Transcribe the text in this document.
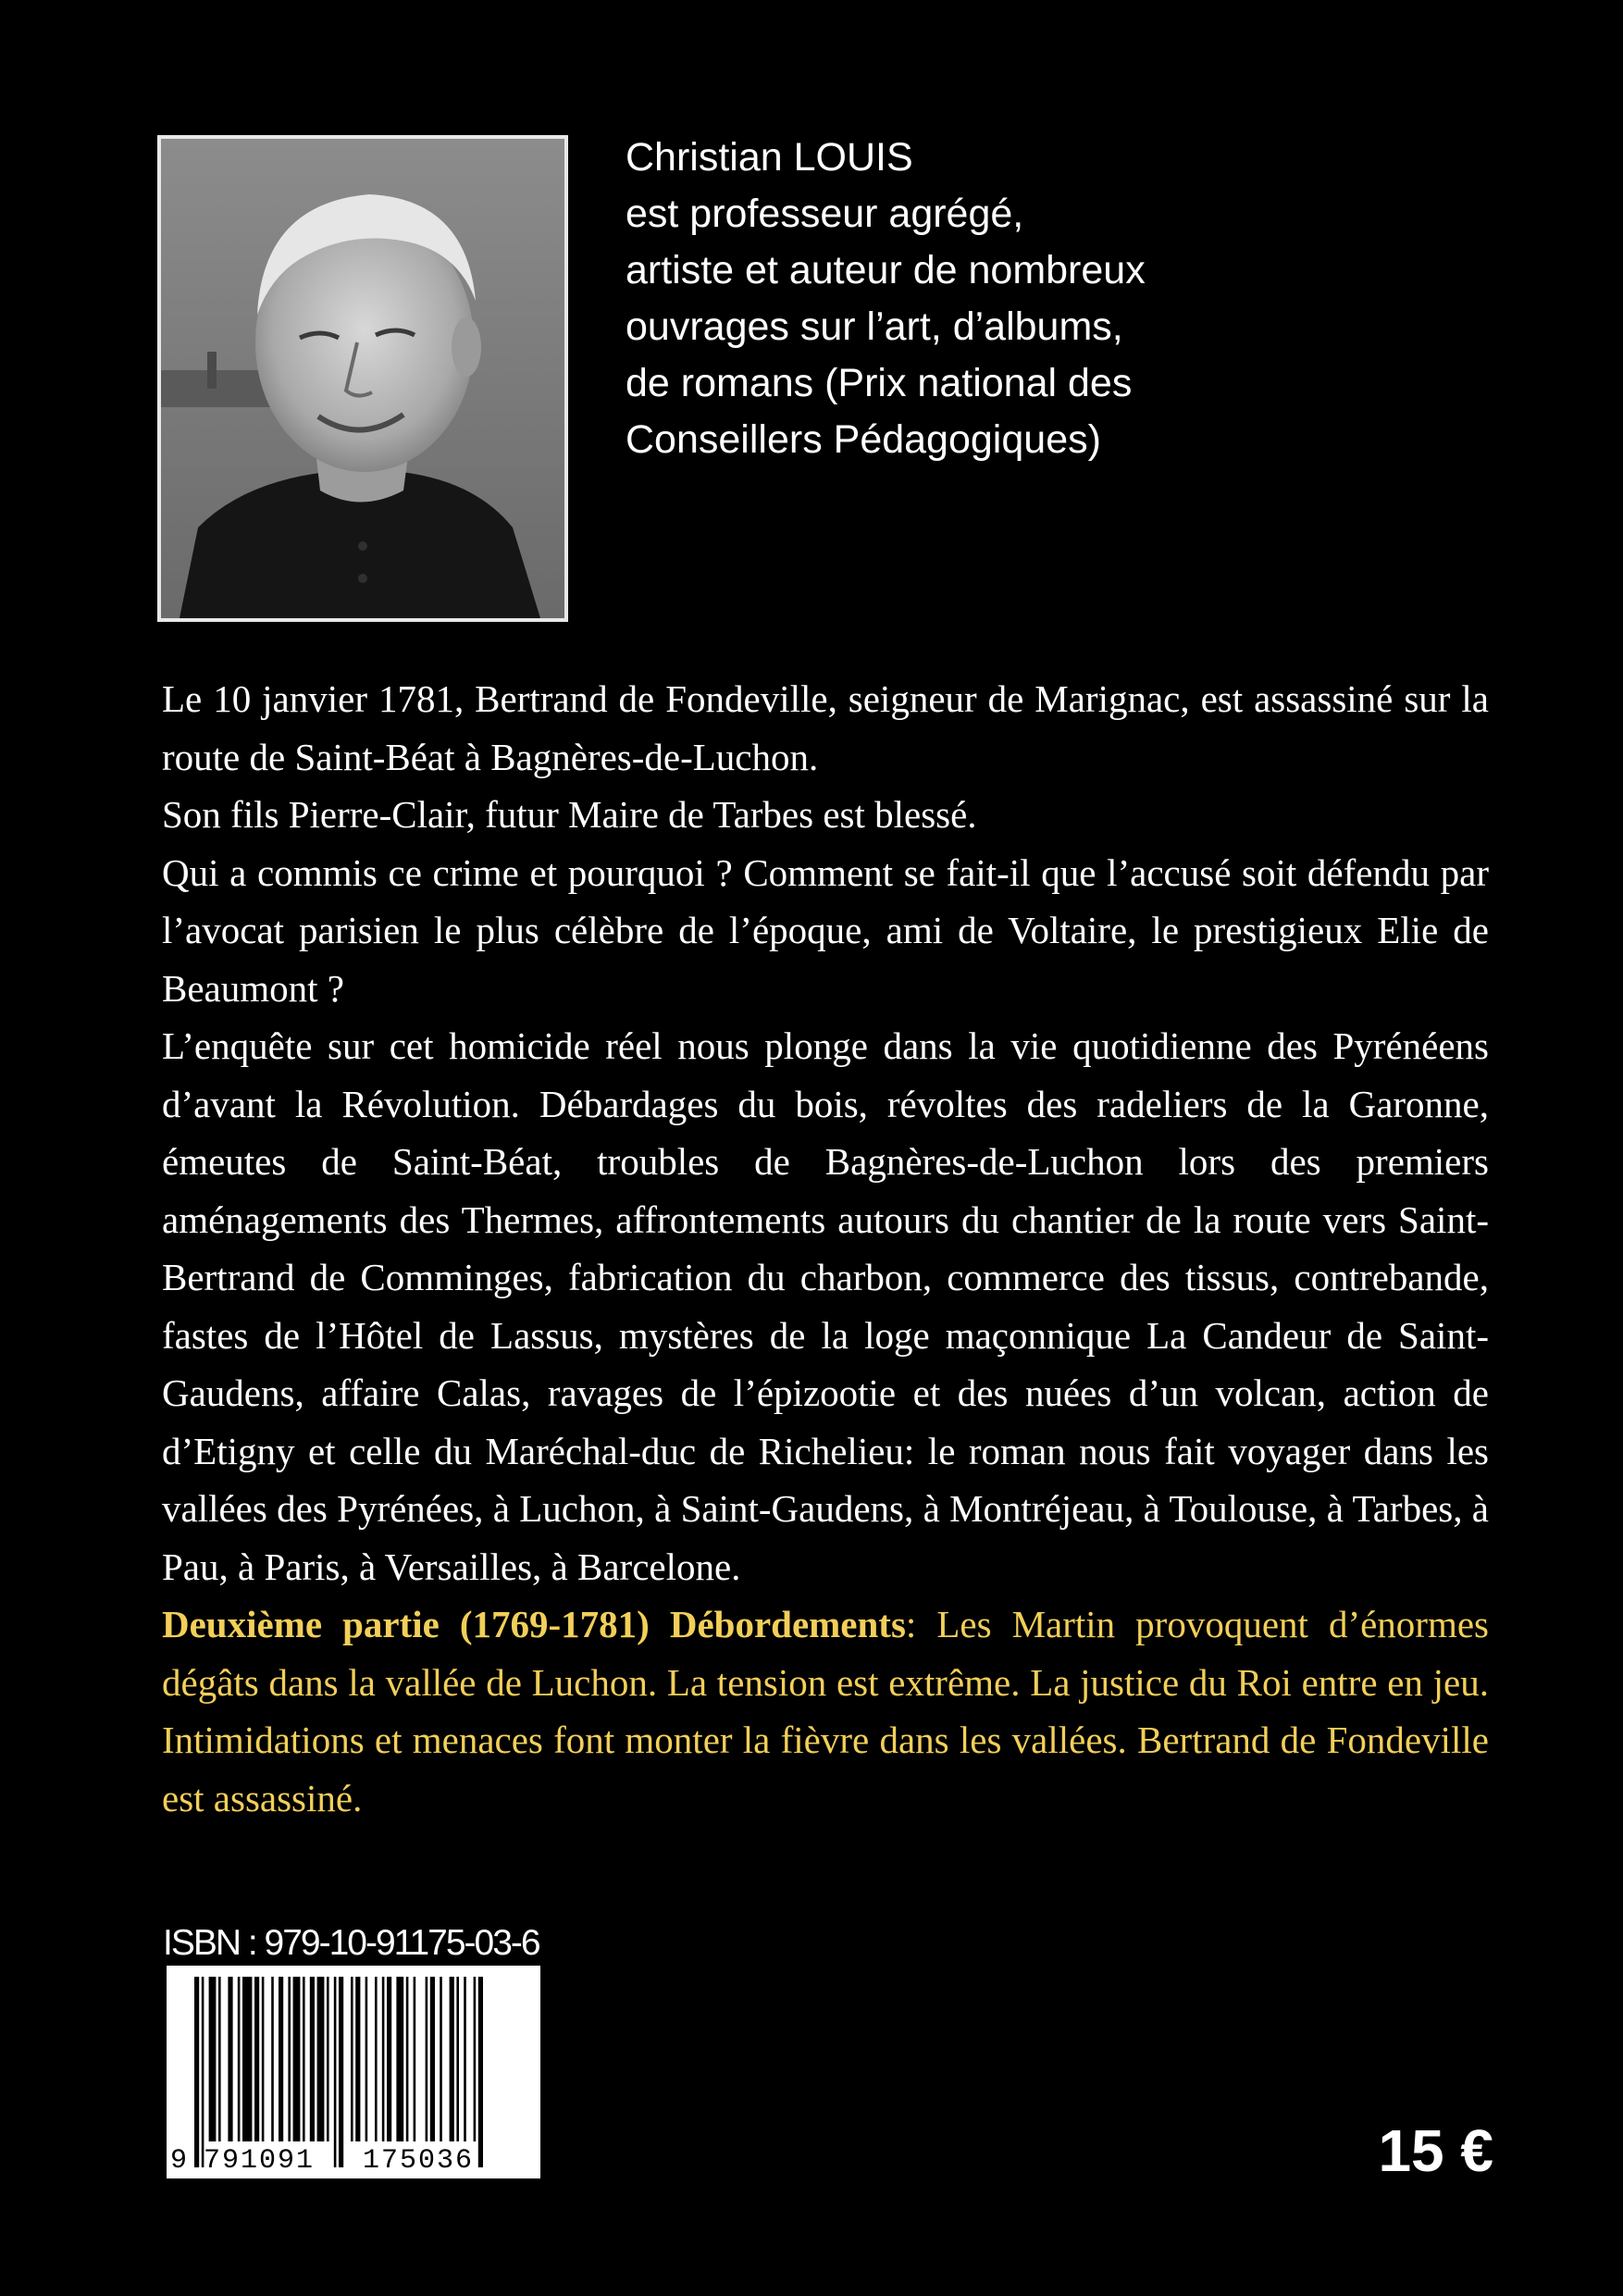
Christian LOUIS
est professeur agrégé,
artiste et auteur de nombreux
ouvrages sur l’art, d’albums,
de romans (Prix national des
Conseillers Pédagogiques)

Le 10 janvier 1781, Bertrand de Fondeville, seigneur de Marignac, est assassiné sur la route de Saint-Béat à Bagnères-de-Luchon.

Son fils Pierre-Clair, futur Maire de Tarbes est blessé.

Qui a commis ce crime et pourquoi ? Comment se fait-il que l’accusé soit défendu par l’avocat parisien le plus célèbre de l’époque, ami de Voltaire, le prestigieux Elie de Beaumont ?

L’enquête sur cet homicide réel nous plonge dans la vie quotidienne des Pyrénéens d’avant la Révolution. Débardages du bois, révoltes des radeliers de la Garonne, émeutes de Saint-Béat, troubles de Bagnères-de-Luchon lors des premiers aménagements des Thermes, affrontements autours du chantier de la route vers Saint-Bertrand de Comminges, fabrication du charbon, commerce des tissus, contrebande, fastes de l’Hôtel de Lassus, mystères de la loge maçonnique La Candeur de Saint-Gaudens, affaire Calas, ravages de l’épizootie et des nuées d’un volcan, action de d’Etigny et celle du Maréchal-duc de Richelieu: le roman nous fait voyager dans les vallées des Pyrénées, à Luchon, à Saint-Gaudens, à Montréjeau, à Toulouse, à Tarbes, à Pau, à Paris, à Versailles, à Barcelone.

Deuxième partie (1769-1781) Débordements: Les Martin provoquent d’énormes dégâts dans la vallée de Luchon. La tension est extrême. La justice du Roi entre en jeu. Intimidations et menaces font monter la fièvre dans les vallées. Bertrand de Fondeville est assassiné.

ISBN : 979-10-91175-03-6
9 791091 175036	15 €
